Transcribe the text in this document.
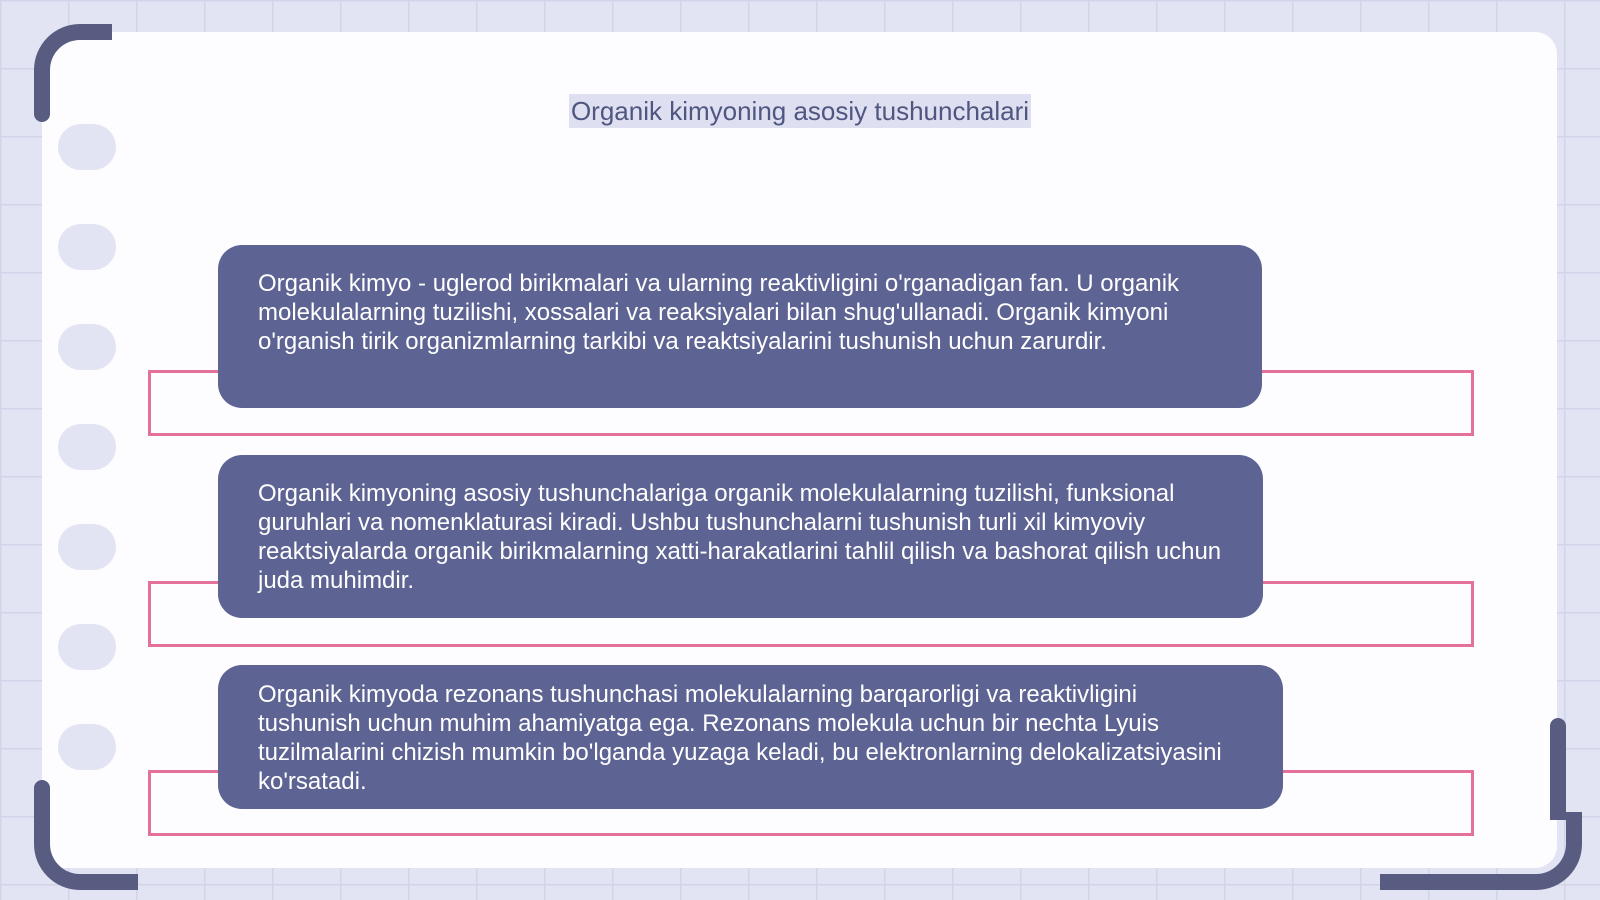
Organik kimyoning asosiy tushunchalari

Organik kimyo - uglerod birikmalari va ularning reaktivligini o'rganadigan fan. U organik molekulalarning tuzilishi, xossalari va reaksiyalari bilan shug'ullanadi. Organik kimyoni o'rganish tirik organizmlarning tarkibi va reaktsiyalarini tushunish uchun zarurdir.

Organik kimyoning asosiy tushunchalariga organik molekulalarning tuzilishi, funksional guruhlari va nomenklaturasi kiradi. Ushbu tushunchalarni tushunish turli xil kimyoviy reaktsiyalarda organik birikmalarning xatti-harakatlarini tahlil qilish va bashorat qilish uchun juda muhimdir.

Organik kimyoda rezonans tushunchasi molekulalarning barqarorligi va reaktivligini tushunish uchun muhim ahamiyatga ega. Rezonans molekula uchun bir nechta Lyuis tuzilmalarini chizish mumkin bo'lganda yuzaga keladi, bu elektronlarning delokalizatsiyasini ko'rsatadi.
